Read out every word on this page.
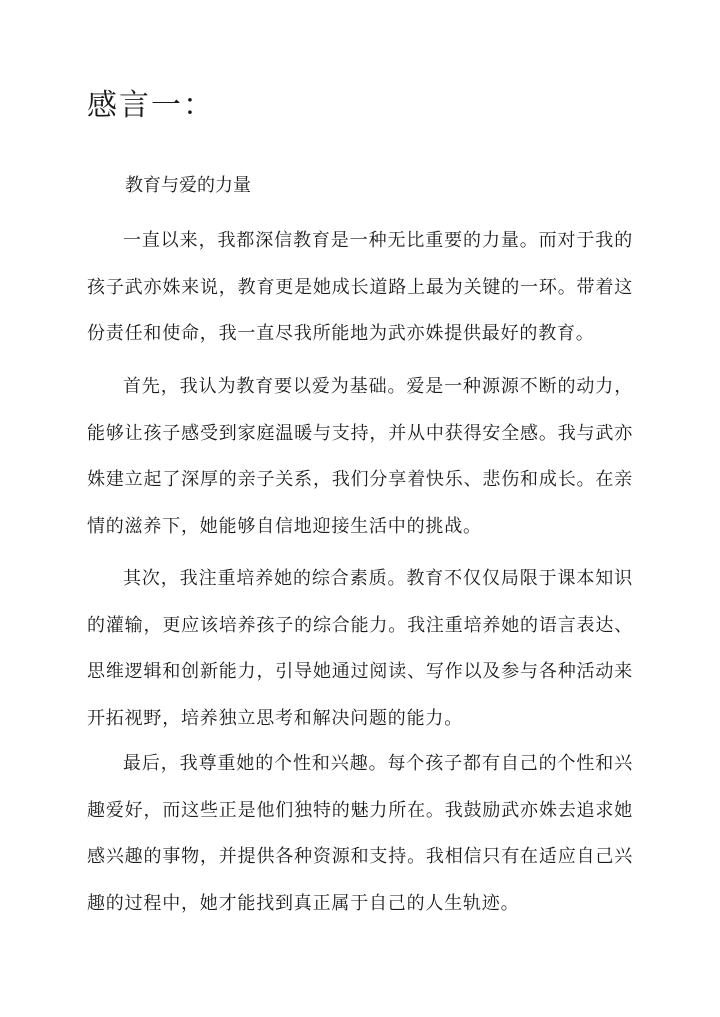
感言一：

教育与爱的力量

一直以来，我都深信教育是一种无比重要的力量。而对于我的孩子武亦姝来说，教育更是她成长道路上最为关键的一环。带着这份责任和使命，我一直尽我所能地为武亦姝提供最好的教育。

首先，我认为教育要以爱为基础。爱是一种源源不断的动力，能够让孩子感受到家庭温暖与支持，并从中获得安全感。我与武亦姝建立起了深厚的亲子关系，我们分享着快乐、悲伤和成长。在亲情的滋养下，她能够自信地迎接生活中的挑战。

其次，我注重培养她的综合素质。教育不仅仅局限于课本知识的灌输，更应该培养孩子的综合能力。我注重培养她的语言表达、思维逻辑和创新能力，引导她通过阅读、写作以及参与各种活动来开拓视野，培养独立思考和解决问题的能力。

最后，我尊重她的个性和兴趣。每个孩子都有自己的个性和兴趣爱好，而这些正是他们独特的魅力所在。我鼓励武亦姝去追求她感兴趣的事物，并提供各种资源和支持。我相信只有在适应自己兴趣的过程中，她才能找到真正属于自己的人生轨迹。
